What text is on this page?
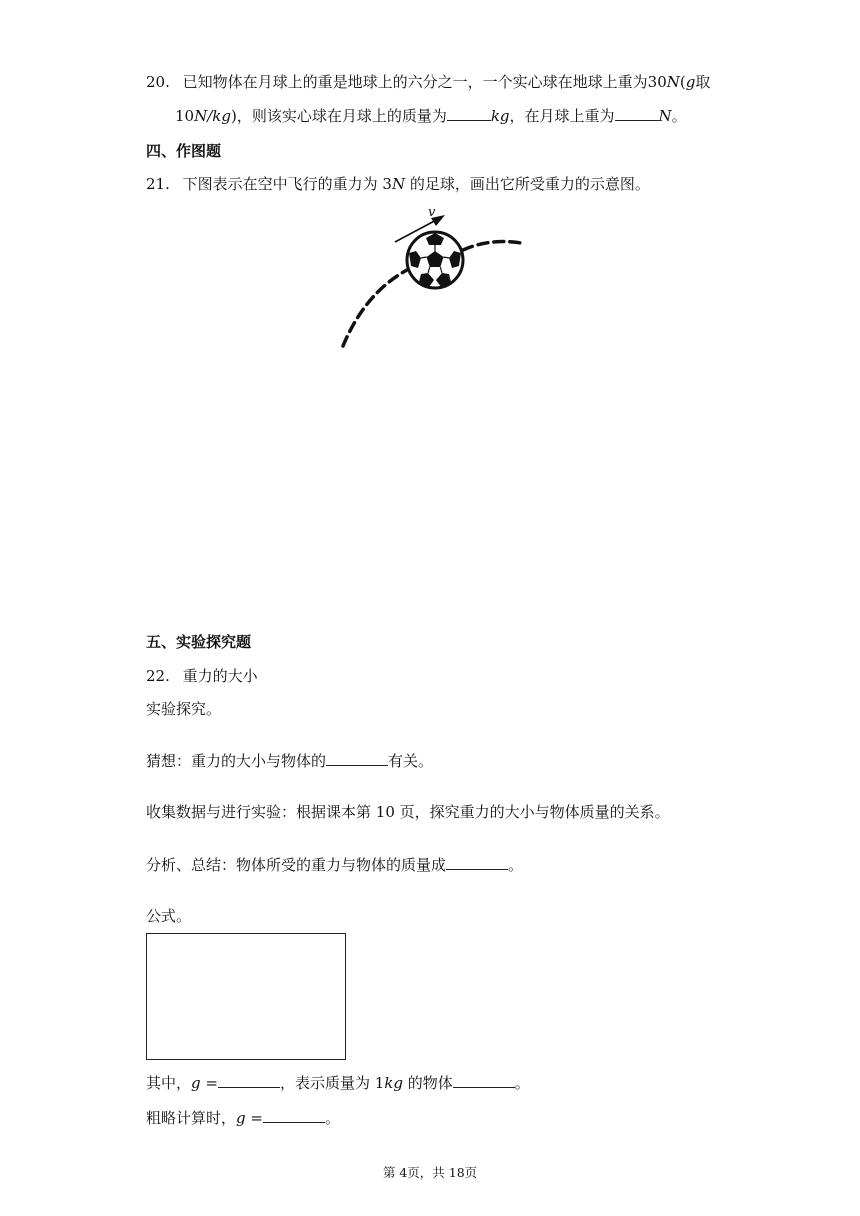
20. 已知物体在月球上的重是地球上的六分之一，一个实心球在地球上重为30N(g取
10N/kg)，则该实心球在月球上的质量为	kg，在月球上重为	N。
四、作图题
21. 下图表示在空中飞行的重力为 3N 的足球，画出它所受重力的示意图。
v
五、实验探究题
22. 重力的大小
实验探究。
猜想：重力的大小与物体的	有关。
收集数据与进行实验：根据课本第 10 页，探究重力的大小与物体质量的关系。
分析、总结：物体所受的重力与物体的质量成	。
公式。
其中，g =	，表示质量为 1kg 的物体	。
粗略计算时，g =	。
第 4页，共 18页
